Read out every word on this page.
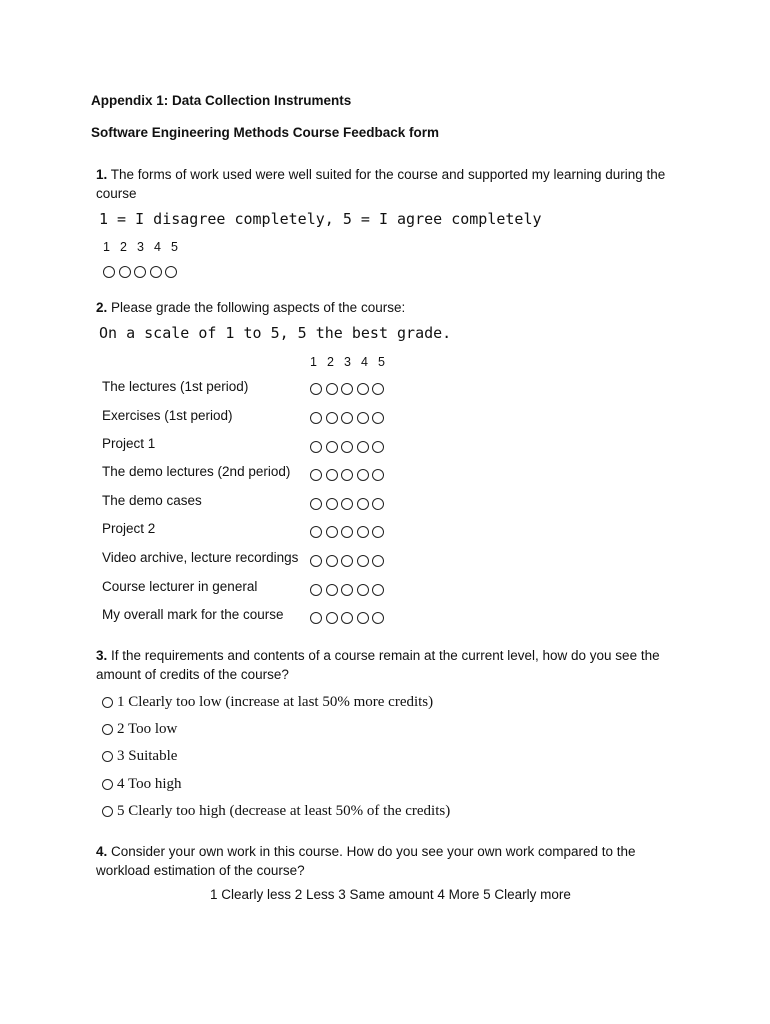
Appendix 1: Data Collection Instruments
Software Engineering Methods Course Feedback form
1. The forms of work used were well suited for the course and supported my learning during the course
1 = I disagree completely, 5 = I agree completely
1 2 3 4 5
2. Please grade the following aspects of the course:
On a scale of 1 to 5, 5 the best grade.
1 2 3 4 5
The lectures (1st period)
Exercises (1st period)
Project 1
The demo lectures (2nd period)
The demo cases
Project 2
Video archive, lecture recordings
Course lecturer in general
My overall mark for the course
3. If the requirements and contents of a course remain at the current level, how do you see the amount of credits of the course?
1 Clearly too low (increase at last 50% more credits)
2 Too low
3 Suitable
4 Too high
5 Clearly too high (decrease at least 50% of the credits)
4. Consider your own work in this course. How do you see your own work compared to the workload estimation of the course?
1 Clearly less 2 Less 3 Same amount 4 More 5 Clearly more
